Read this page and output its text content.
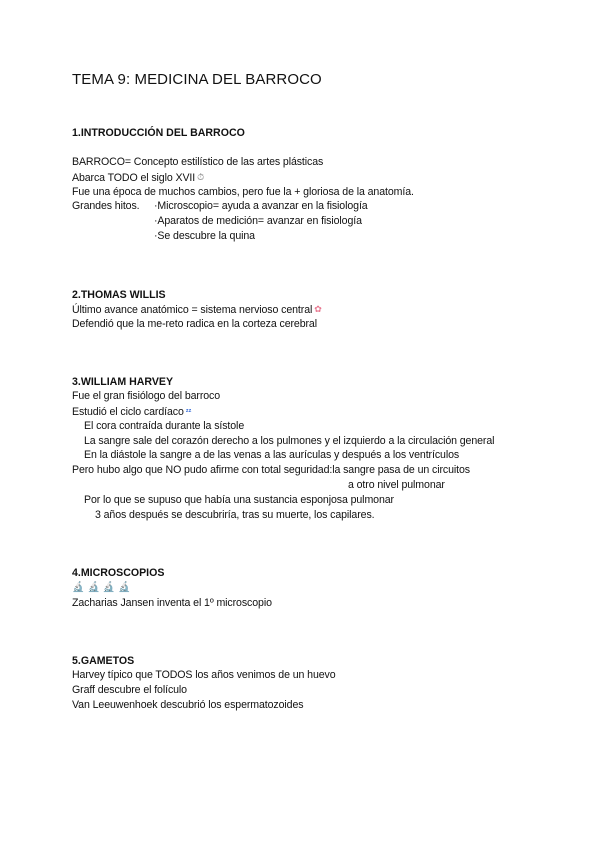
TEMA 9: MEDICINA DEL BARROCO
1.INTRODUCCIÓN DEL BARROCO
BARROCO= Concepto estilístico de las artes plásticas
Abarca TODO el siglo XVII ⏱
Fue una época de muchos cambios, pero fue la + gloriosa de la anatomía.
Grandes hitos. ·Microscopio= ayuda a avanzar en la fisiología
·Aparatos de medición= avanzar en fisiología
·Se descubre la quina
2.THOMAS WILLIS
Último avance anatómico = sistema nervioso central ✿
Defendió que la me-reto radica en la corteza cerebral
3.WILLIAM HARVEY
Fue el gran fisiólogo del barroco
Estudió el ciclo cardíaco ᶻᶻ
El cora contraída durante la sístole
La sangre sale del corazón derecho a los pulmones y el izquierdo a la circulación general
En la diástole la sangre a de las venas a las aurículas y después a los ventrículos
Pero hubo algo que NO pudo afirme con total seguridad:la sangre pasa de un circuitos
a otro nivel pulmonar
Por lo que se supuso que había una sustancia esponjosa pulmonar
3 años después se descubriría, tras su muerte, los capilares.
4.MICROSCOPIOS
🔬🔬🔬🔬
Zacharias Jansen inventa el 1º microscopio
5.GAMETOS
Harvey típico que TODOS los años venimos de un huevo
Graff descubre el folículo
Van Leeuwenhoek descubrió los espermatozoides
